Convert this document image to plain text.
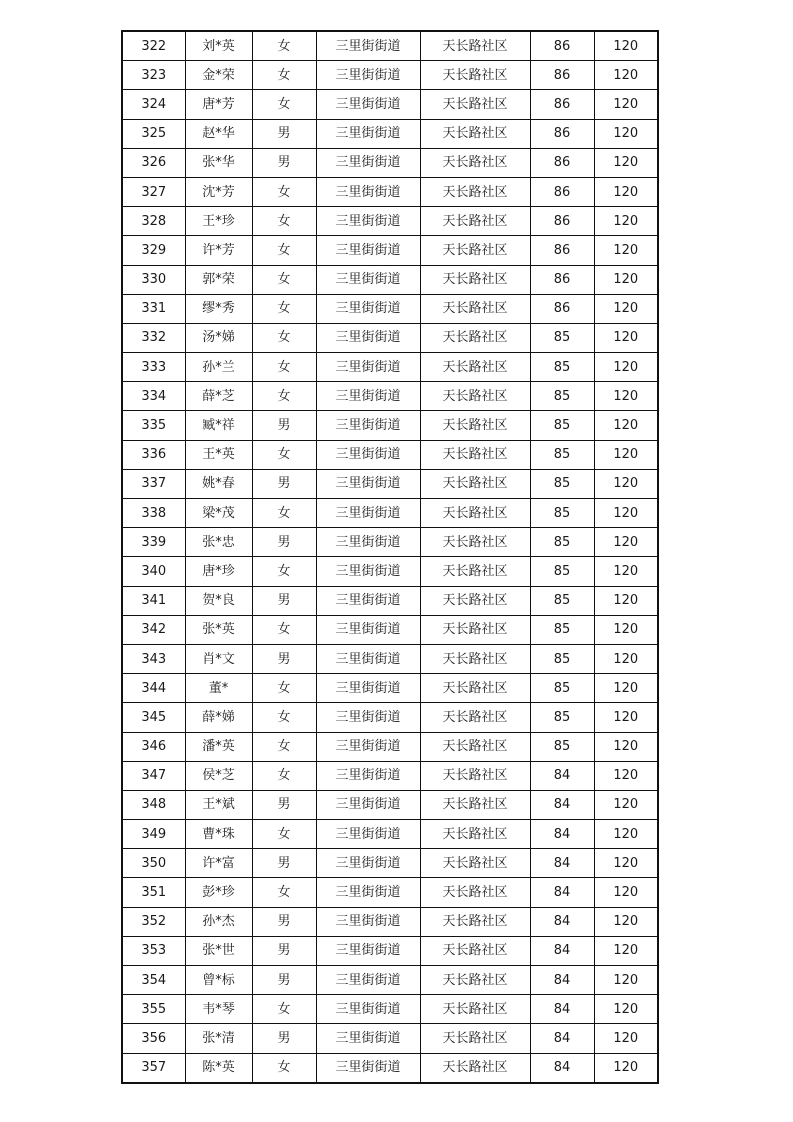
322	刘*英	女	三里街街道	天长路社区	86	120
323	金*荣	女	三里街街道	天长路社区	86	120
324	唐*芳	女	三里街街道	天长路社区	86	120
325	赵*华	男	三里街街道	天长路社区	86	120
326	张*华	男	三里街街道	天长路社区	86	120
327	沈*芳	女	三里街街道	天长路社区	86	120
328	王*珍	女	三里街街道	天长路社区	86	120
329	许*芳	女	三里街街道	天长路社区	86	120
330	郭*荣	女	三里街街道	天长路社区	86	120
331	缪*秀	女	三里街街道	天长路社区	86	120
332	汤*娣	女	三里街街道	天长路社区	85	120
333	孙*兰	女	三里街街道	天长路社区	85	120
334	薛*芝	女	三里街街道	天长路社区	85	120
335	臧*祥	男	三里街街道	天长路社区	85	120
336	王*英	女	三里街街道	天长路社区	85	120
337	姚*春	男	三里街街道	天长路社区	85	120
338	梁*茂	女	三里街街道	天长路社区	85	120
339	张*忠	男	三里街街道	天长路社区	85	120
340	唐*珍	女	三里街街道	天长路社区	85	120
341	贺*良	男	三里街街道	天长路社区	85	120
342	张*英	女	三里街街道	天长路社区	85	120
343	肖*文	男	三里街街道	天长路社区	85	120
344	董*	女	三里街街道	天长路社区	85	120
345	薛*娣	女	三里街街道	天长路社区	85	120
346	潘*英	女	三里街街道	天长路社区	85	120
347	侯*芝	女	三里街街道	天长路社区	84	120
348	王*斌	男	三里街街道	天长路社区	84	120
349	曹*珠	女	三里街街道	天长路社区	84	120
350	许*富	男	三里街街道	天长路社区	84	120
351	彭*珍	女	三里街街道	天长路社区	84	120
352	孙*杰	男	三里街街道	天长路社区	84	120
353	张*世	男	三里街街道	天长路社区	84	120
354	曾*标	男	三里街街道	天长路社区	84	120
355	韦*琴	女	三里街街道	天长路社区	84	120
356	张*清	男	三里街街道	天长路社区	84	120
357	陈*英	女	三里街街道	天长路社区	84	120
